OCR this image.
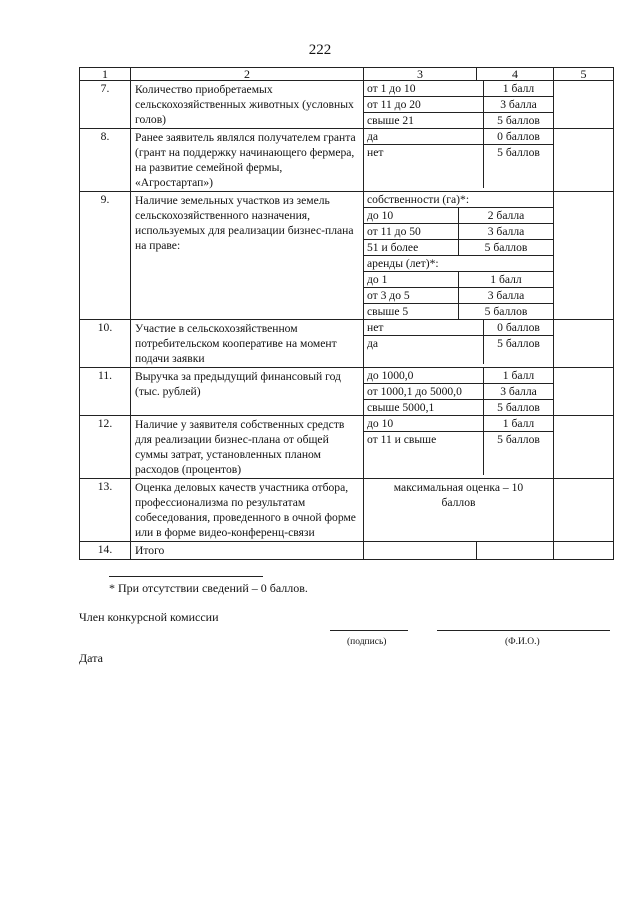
222
1	2	3	4	5
7.	Количество приобретаемых сельскохозяйственных животных (условных голов)	
от 1 до 10	1 балл
от 11 до 20	3 балла
свыше 21	5 баллов

8.	Ранее заявитель являлся получателем гранта (грант на поддержку начинающего фермера, на развитие семейной фермы, «Агростартап»)	
да	0 баллов
нет	5 баллов

9.	Наличие земельных участков из земель сельскохозяйственного назначения, используемых для реализации бизнес-плана на праве:	
собственности (га)*:
до 10	2 балла
от 11 до 50	3 балла
51 и более	5 баллов
аренды (лет)*:
до 1	1 балл
от 3 до 5	3 балла
свыше 5	5 баллов

10.	Участие в сельскохозяйственном потребительском кооперативе на момент подачи заявки	
нет	0 баллов
да	5 баллов

11.	Выручка за предыдущий финансовый год (тыс. рублей)	
до 1000,0	1 балл
от 1000,1 до 5000,0	3 балла
свыше 5000,1	5 баллов

12.	Наличие у заявителя собственных средств для реализации бизнес-плана от общей суммы затрат, установленных планом расходов (процентов)	
до 10	1 балл
от 11 и свыше	5 баллов

13.	Оценка деловых качеств участника отбора, профессионализма по результатам собеседования, проведенного в очной форме или в форме видео-конференц-связи	максимальная оценка – 10 баллов	
14.	Итого			
* При отсутствии сведений – 0 баллов.
Член конкурсной комиссии
(подпись)	(Ф.И.О.)
Дата
